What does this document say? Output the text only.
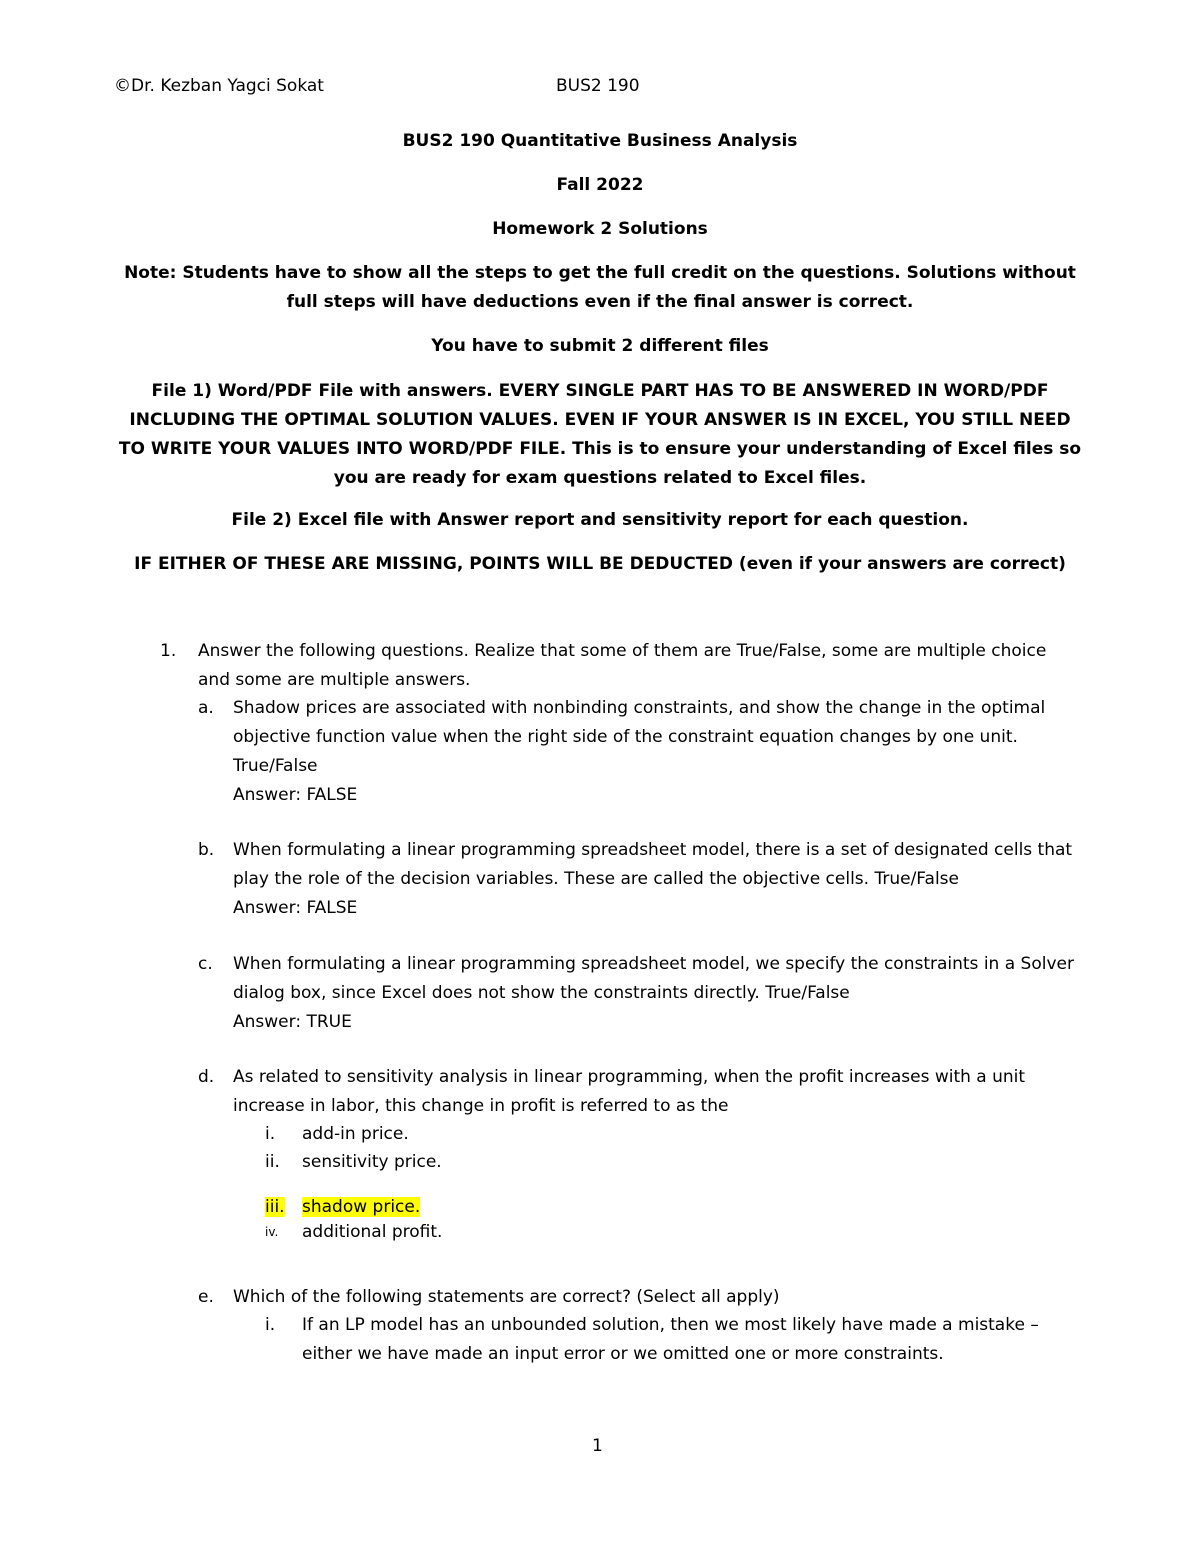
©Dr. Kezban Yagci Sokat	BUS2 190
BUS2 190 Quantitative Business Analysis
Fall 2022
Homework 2 Solutions
Note: Students have to show all the steps to get the full credit on the questions. Solutions without full steps will have deductions even if the final answer is correct.
You have to submit 2 different files
File 1) Word/PDF File with answers. EVERY SINGLE PART HAS TO BE ANSWERED IN WORD/PDF INCLUDING THE OPTIMAL SOLUTION VALUES. EVEN IF YOUR ANSWER IS IN EXCEL, YOU STILL NEED TO WRITE YOUR VALUES INTO WORD/PDF FILE. This is to ensure your understanding of Excel files so you are ready for exam questions related to Excel files.
File 2) Excel file with Answer report and sensitivity report for each question.
IF EITHER OF THESE ARE MISSING, POINTS WILL BE DEDUCTED (even if your answers are correct)
1. Answer the following questions. Realize that some of them are True/False, some are multiple choice and some are multiple answers.
a. Shadow prices are associated with nonbinding constraints, and show the change in the optimal objective function value when the right side of the constraint equation changes by one unit.
True/False
Answer: FALSE
b. When formulating a linear programming spreadsheet model, there is a set of designated cells that play the role of the decision variables. These are called the objective cells. True/False
Answer: FALSE
c. When formulating a linear programming spreadsheet model, we specify the constraints in a Solver dialog box, since Excel does not show the constraints directly. True/False
Answer: TRUE
d. As related to sensitivity analysis in linear programming, when the profit increases with a unit increase in labor, this change in profit is referred to as the
i.	add-in price.
ii.	sensitivity price.
iii.	shadow price.
iv.	additional profit.
e. Which of the following statements are correct? (Select all apply)
i.	If an LP model has an unbounded solution, then we most likely have made a mistake – either we have made an input error or we omitted one or more constraints.
1
